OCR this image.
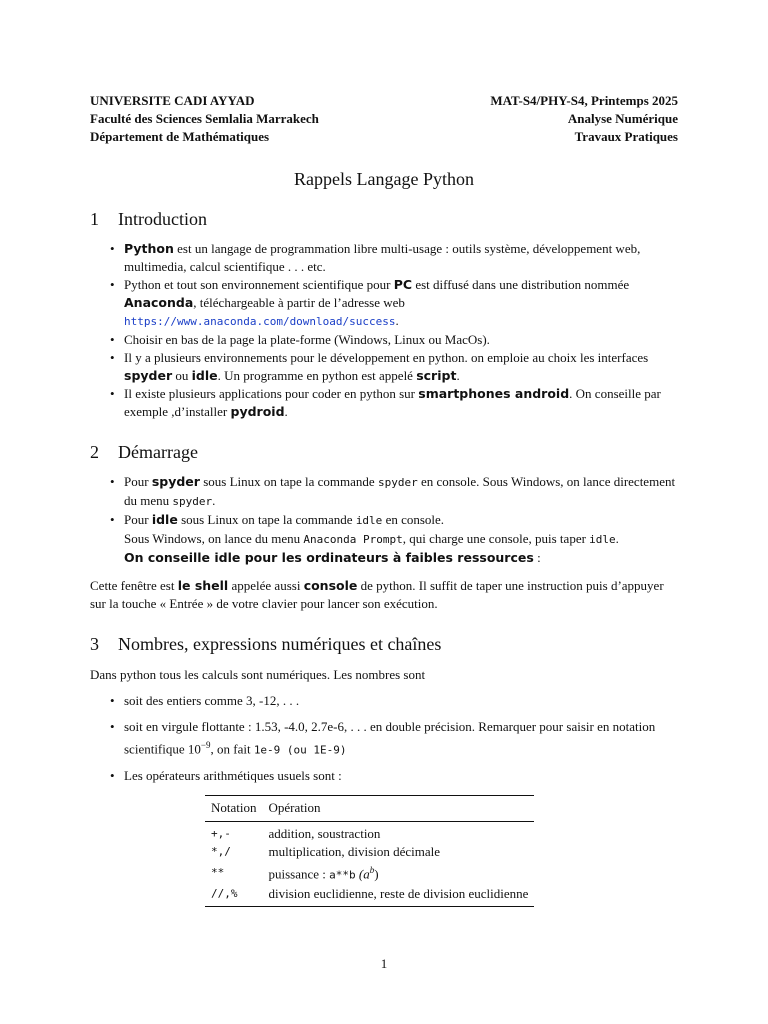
UNIVERSITE CADI AYYAD
Faculté des Sciences Semlalia Marrakech
Département de Mathématiques
MAT-S4/PHY-S4, Printemps 2025
Analyse Numérique
Travaux Pratiques
Rappels Langage Python
1 Introduction
• Python est un langage de programmation libre multi-usage : outils système, développement web, multimedia, calcul scientifique . . . etc.
• Python et tout son environnement scientifique pour PC est diffusé dans une distribution nommée Anaconda, téléchargeable à partir de l’adresse web
https://www.anaconda.com/download/success.
• Choisir en bas de la page la plate-forme (Windows, Linux ou MacOs).
• Il y a plusieurs environnements pour le développement en python. on emploie au choix les interfaces spyder ou idle. Un programme en python est appelé script.
• Il existe plusieurs applications pour coder en python sur smartphones android. On conseille par exemple ,d’installer pydroid.
2 Démarrage
• Pour spyder sous Linux on tape la commande spyder en console. Sous Windows, on lance directement du menu spyder.
• Pour idle sous Linux on tape la commande idle en console.
Sous Windows, on lance du menu Anaconda Prompt, qui charge une console, puis taper idle.
On conseille idle pour les ordinateurs à faibles ressources :

Cette fenêtre est le shell appelée aussi console de python. Il suffit de taper une instruction puis d’appuyer sur la touche « Entrée » de votre clavier pour lancer son exécution.

3 Nombres, expressions numériques et chaînes

Dans python tous les calculs sont numériques. Les nombres sont

• soit des entiers comme 3, -12, . . .
• soit en virgule flottante : 1.53, -4.0, 2.7e-6, . . . en double précision. Remarquer pour saisir en notation scientifique $10^{-9}$, on fait 1e-9 (ou 1E-9)
• Les opérateurs arithmétiques usuels sont :
Notation	Opération
+,-	addition, soustraction
*,/	multiplication, division décimale
**	puissance : a**b $(a^b)$
//,%	division euclidienne, reste de division euclidienne
1
